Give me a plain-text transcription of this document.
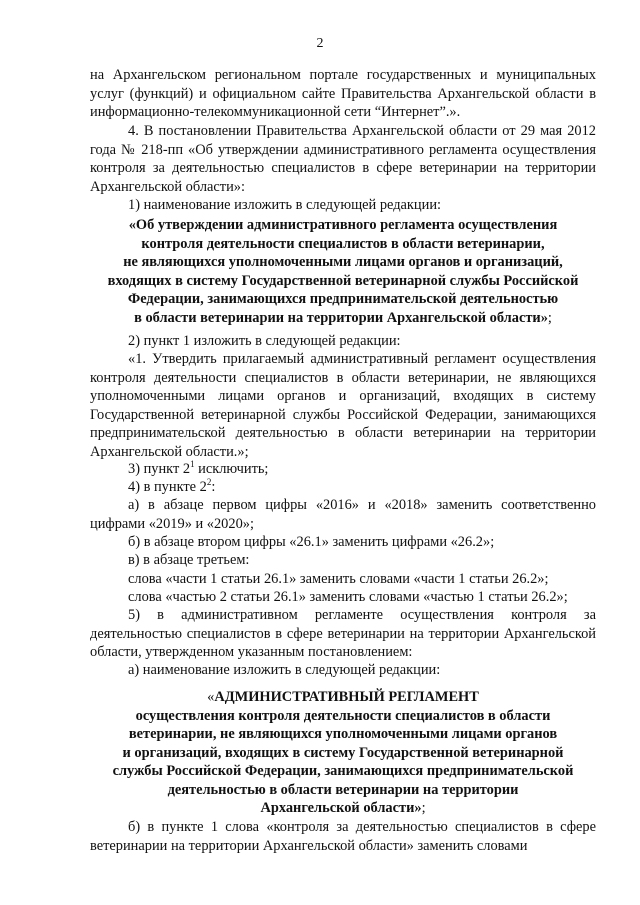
2
на Архангельском региональном портале государственных и муниципальных услуг (функций) и официальном сайте Правительства Архангельской области в информационно-телекоммуникационной сети “Интернет”.».
4. В постановлении Правительства Архангельской области от 29 мая 2012 года № 218-пп «Об утверждении административного регламента осуществления контроля за деятельностью специалистов в сфере ветеринарии на территории Архангельской области»:
1) наименование изложить в следующей редакции:

«Об утверждении административного регламента осуществления

контроля деятельности специалистов в области ветеринарии,

не являющихся уполномоченными лицами органов и организаций,

входящих в систему Государственной ветеринарной службы Российской

Федерации, занимающихся предпринимательской деятельностью

в области ветеринарии на территории Архангельской области»;

2) пункт 1 изложить в следующей редакции:
«1. Утвердить прилагаемый административный регламент осуществления контроля деятельности специалистов в области ветеринарии, не являющихся уполномоченными лицами органов и организаций, входящих в систему Государственной ветеринарной службы Российской Федерации, занимающихся предпринимательской деятельностью в области ветеринарии на территории Архангельской области.»;
3) пункт $2^1$ исключить;
4) в пункте $2^2$:
а) в абзаце первом цифры «2016» и «2018» заменить соответственно цифрами «2019» и «2020»;
б) в абзаце втором цифры «26.1» заменить цифрами «26.2»;
в) в абзаце третьем:
слова «части 1 статьи 26.1» заменить словами «части 1 статьи 26.2»;
слова «частью 2 статьи 26.1» заменить словами «частью 1 статьи 26.2»;
5) в административном регламенте осуществления контроля за деятельностью специалистов в сфере ветеринарии на территории Архангельской области, утвержденном указанным постановлением:
а) наименование изложить в следующей редакции:

«АДМИНИСТРАТИВНЫЙ РЕГЛАМЕНТ

осуществления контроля деятельности специалистов в области

ветеринарии, не являющихся уполномоченными лицами органов

и организаций, входящих в систему Государственной ветеринарной

службы Российской Федерации, занимающихся предпринимательской

деятельностью в области ветеринарии на территории

Архангельской области»;

б) в пункте 1 слова «контроля за деятельностью специалистов в сфере ветеринарии на территории Архангельской области» заменить словами
